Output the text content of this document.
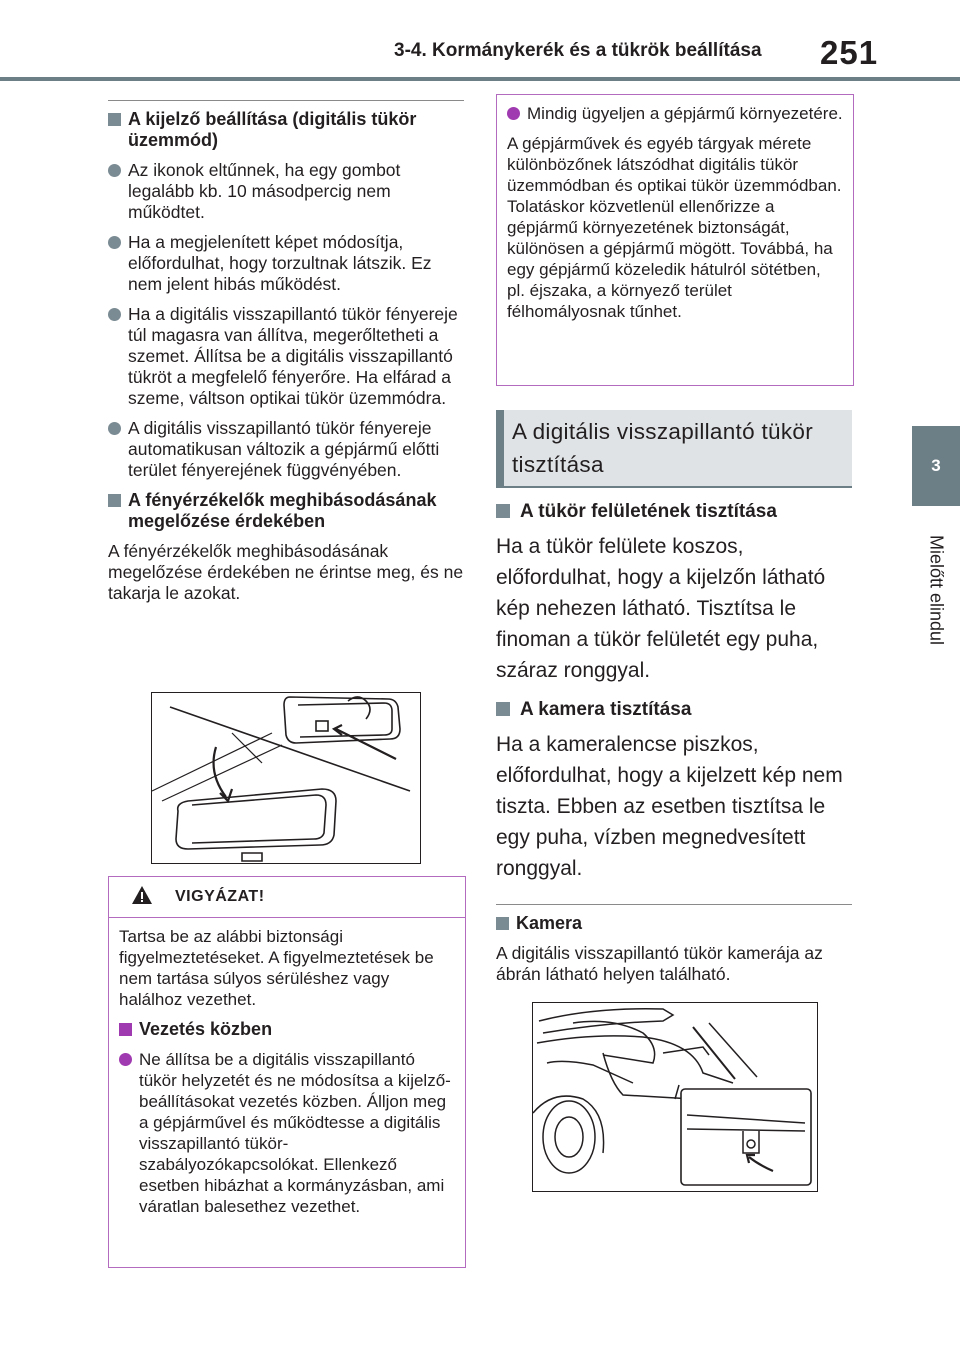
3-4. Kormánykerék és a tükrök beállítása 251
3
Mielőtt elindul
A kijelző beállítása (digitális tükör üzemmód)
Az ikonok eltűnnek, ha egy gombot legalább kb. 10 másodpercig nem működtet.
Ha a megjelenített képet módosítja, előfordulhat, hogy torzultnak látszik. Ez nem jelent hibás működést.
Ha a digitális visszapillantó tükör fényereje túl magasra van állítva, megerőltetheti a szemet. Állítsa be a digitális visszapillantó tükröt a megfelelő fényerőre. Ha elfárad a szeme, váltson optikai tükör üzemmódra.
A digitális visszapillantó tükör fényereje automatikusan változik a gépjármű előtti terület fényerejének függvényében.
A fényérzékelők meghibásodásának megelőzése érdekében
A fényérzékelők meghibásodásának megelőzése érdekében ne érintse meg, és ne takarja le azokat.
VIGYÁZAT!
Tartsa be az alábbi biztonsági figyelmeztetéseket. A figyelmeztetések be nem tartása súlyos sérüléshez vagy halálhoz vezethet.
Vezetés közben
Ne állítsa be a digitális visszapillantó tükör helyzetét és ne módosítsa a kijelző-beállításokat vezetés közben. Álljon meg a gépjárművel és működtesse a digitális visszapillantó tükör-szabályozókapcsolókat. Ellenkező esetben hibázhat a kormányzásban, ami váratlan balesethez vezethet.
Mindig ügyeljen a gépjármű környezetére.
A gépjárművek és egyéb tárgyak mérete különbözőnek látszódhat digitális tükör üzemmódban és optikai tükör üzemmódban. Tolatáskor közvetlenül ellenőrizze a gépjármű környezetének biztonságát, különösen a gépjármű mögött. Továbbá, ha egy gépjármű közeledik hátulról sötétben, pl. éjszaka, a környező terület félhomályosnak tűnhet.
A digitális visszapillantó tükör tisztítása
A tükör felületének tisztítása
Ha a tükör felülete koszos, előfordulhat, hogy a kijelzőn látható kép nehezen látható. Tisztítsa le finoman a tükör felületét egy puha, száraz ronggyal.
A kamera tisztítása
Ha a kameralencse piszkos, előfordulhat, hogy a kijelzett kép nem tiszta. Ebben az esetben tisztítsa le egy puha, vízben megnedvesített ronggyal.
Kamera
A digitális visszapillantó tükör kamerája az ábrán látható helyen található.
